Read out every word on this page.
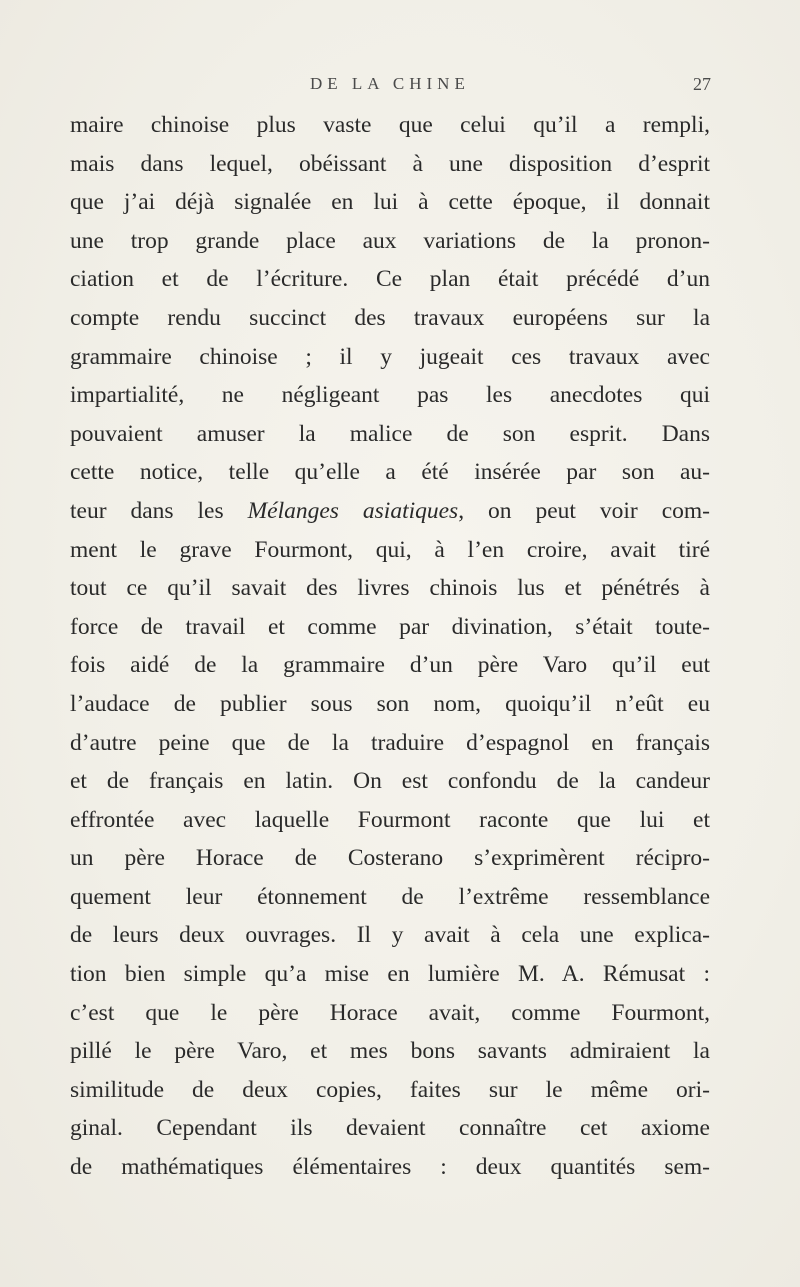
DE LA CHINE	27
maire chinoise plus vaste que celui qu’il a rempli,
mais dans lequel, obéissant à une disposition d’esprit
que j’ai déjà signalée en lui à cette époque, il donnait
une trop grande place aux variations de la pronon-
ciation et de l’écriture. Ce plan était précédé d’un
compte rendu succinct des travaux européens sur la
grammaire chinoise ; il y jugeait ces travaux avec
impartialité, ne négligeant pas les anecdotes qui
pouvaient amuser la malice de son esprit. Dans
cette notice, telle qu’elle a été insérée par son au-
teur dans les Mélanges asiatiques, on peut voir com-
ment le grave Fourmont, qui, à l’en croire, avait tiré
tout ce qu’il savait des livres chinois lus et pénétrés à
force de travail et comme par divination, s’était toute-
fois aidé de la grammaire d’un père Varo qu’il eut
l’audace de publier sous son nom, quoiqu’il n’eût eu
d’autre peine que de la traduire d’espagnol en français
et de français en latin. On est confondu de la candeur
effrontée avec laquelle Fourmont raconte que lui et
un père Horace de Costerano s’exprimèrent récipro-
quement leur étonnement de l’extrême ressemblance
de leurs deux ouvrages. Il y avait à cela une explica-
tion bien simple qu’a mise en lumière M. A. Rémusat :
c’est que le père Horace avait, comme Fourmont,
pillé le père Varo, et mes bons savants admiraient la
similitude de deux copies, faites sur le même ori-
ginal. Cependant ils devaient connaître cet axiome
de mathématiques élémentaires : deux quantités sem-
